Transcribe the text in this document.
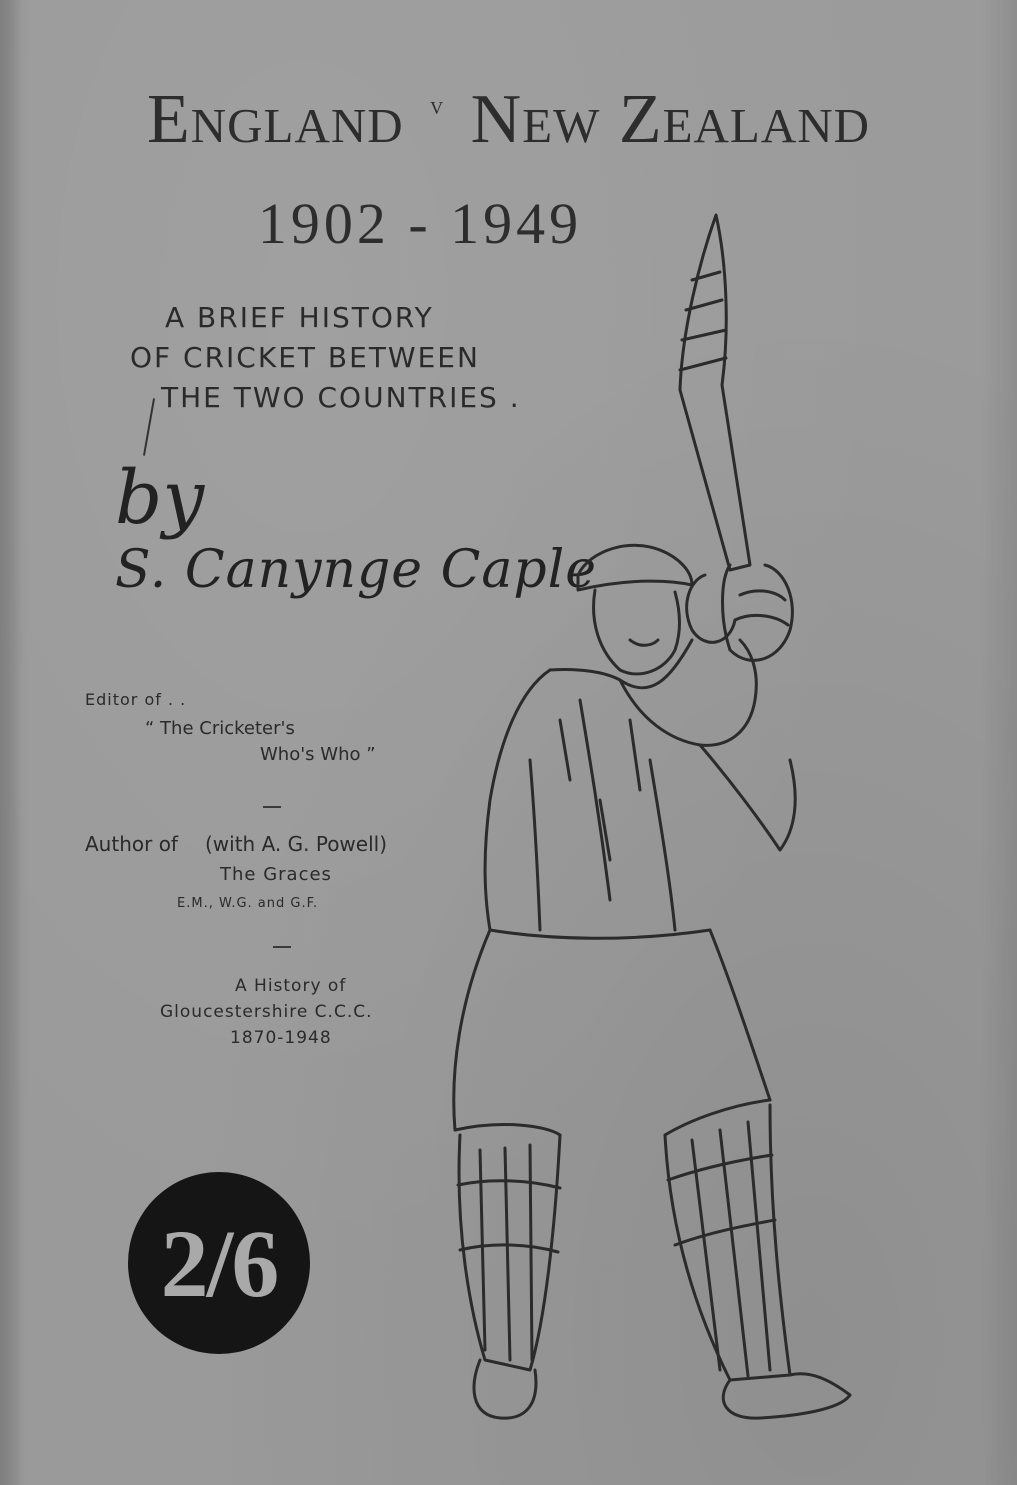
England $^v$ New Zealand
1902 - 1949
A BRIEF HISTORY
OF CRICKET BETWEEN
THE TWO COUNTRIES .
by
S. Canynge Caple
Editor of . .
“ The Cricketer's
Who's Who ”
Author of (with A. G. Powell)
The Graces
E.M., W.G. and G.F.
A History of
Gloucestershire C.C.C.
1870-1948
2/6
